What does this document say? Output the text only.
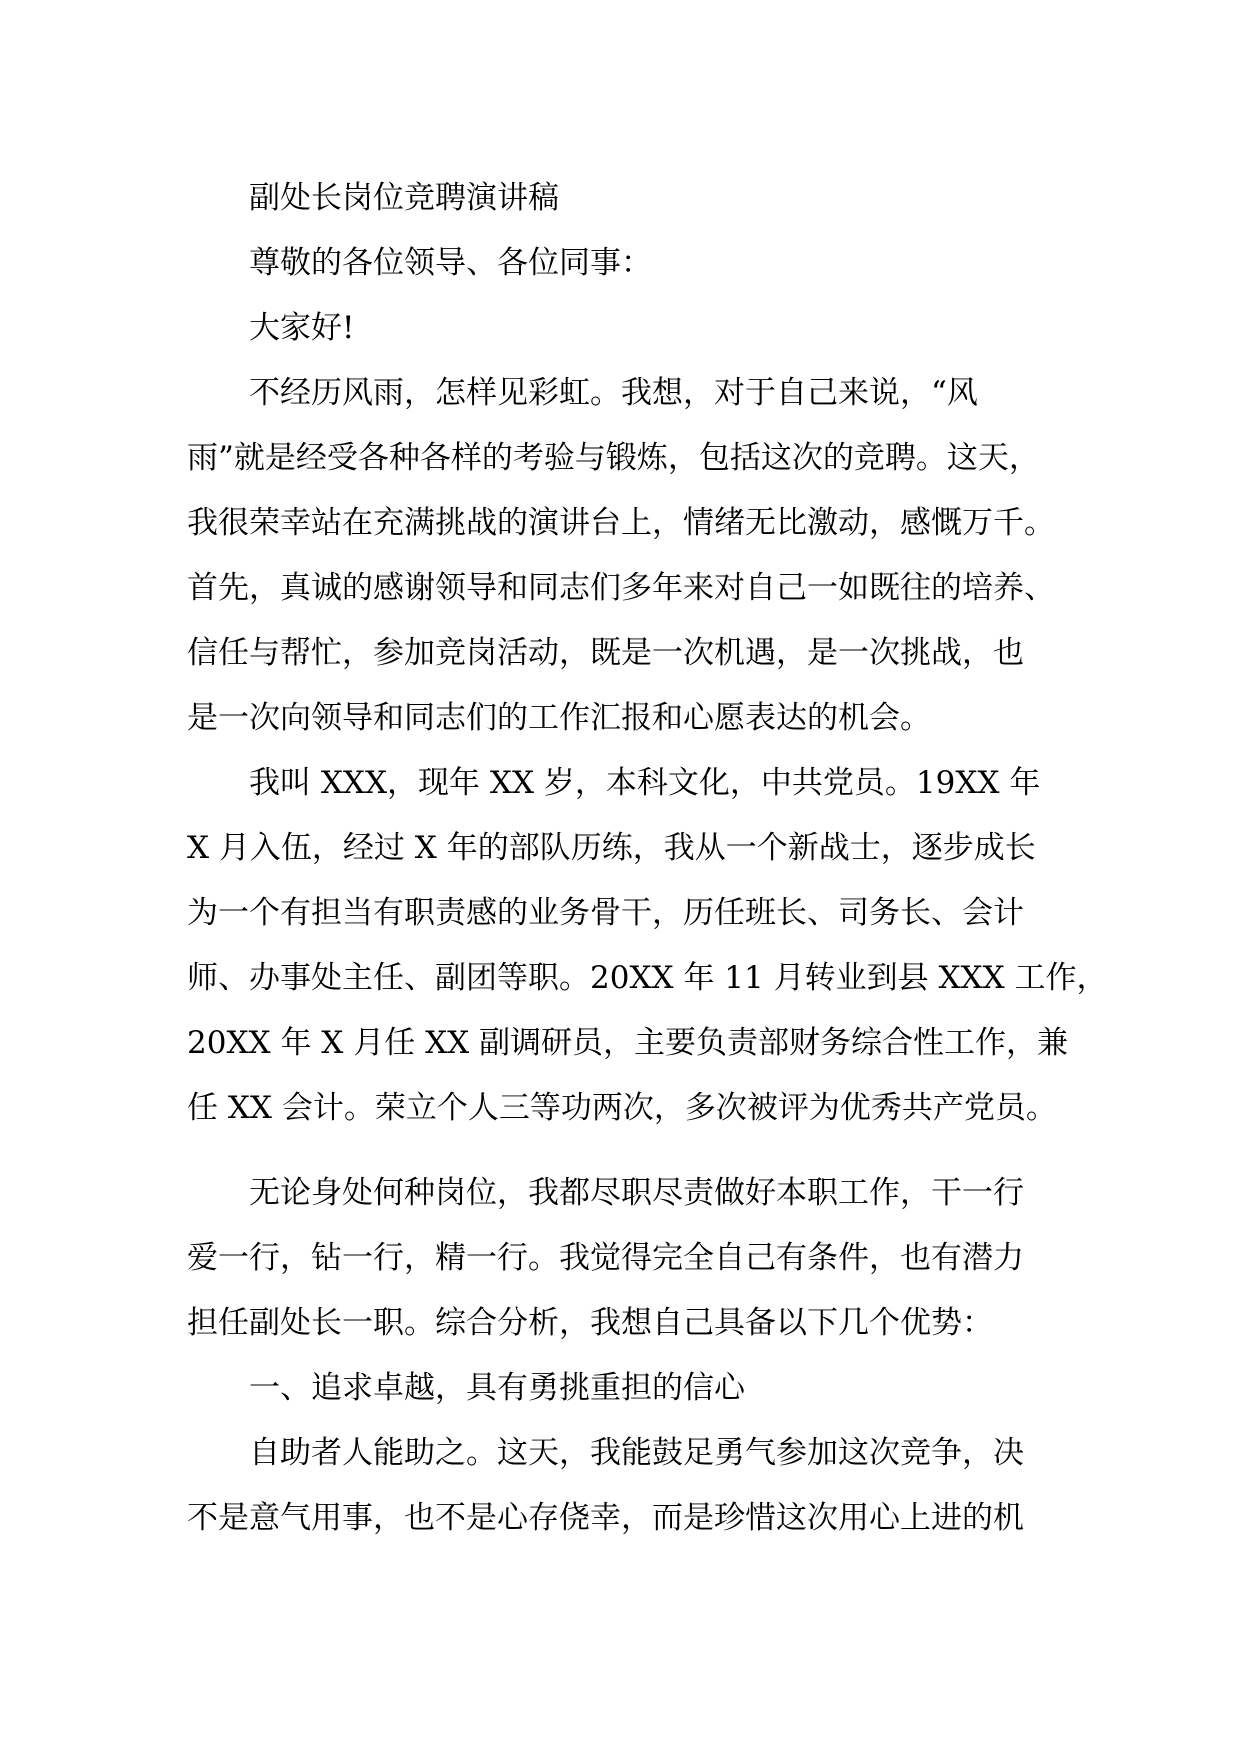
副处长岗位竞聘演讲稿
尊敬的各位领导、各位同事：
大家好!
不经历风雨，怎样见彩虹。我想，对于自己来说，“风
雨”就是经受各种各样的考验与锻炼，包括这次的竞聘。这天，
我很荣幸站在充满挑战的演讲台上，情绪无比激动，感慨万千。
首先，真诚的感谢领导和同志们多年来对自己一如既往的培养、
信任与帮忙，参加竞岗活动，既是一次机遇，是一次挑战，也
是一次向领导和同志们的工作汇报和心愿表达的机会。
我叫 XXX，现年 XX 岁，本科文化，中共党员。19XX 年
X 月入伍，经过 X 年的部队历练，我从一个新战士，逐步成长
为一个有担当有职责感的业务骨干，历任班长、司务长、会计
师、办事处主任、副团等职。20XX 年 11 月转业到县 XXX 工作，
20XX 年 X 月任 XX 副调研员，主要负责部财务综合性工作，兼
任 XX 会计。荣立个人三等功两次，多次被评为优秀共产党员。
无论身处何种岗位，我都尽职尽责做好本职工作，干一行
爱一行，钻一行，精一行。我觉得完全自己有条件，也有潜力
担任副处长一职。综合分析，我想自己具备以下几个优势：
一、追求卓越，具有勇挑重担的信心
自助者人能助之。这天，我能鼓足勇气参加这次竞争，决
不是意气用事，也不是心存侥幸，而是珍惜这次用心上进的机
